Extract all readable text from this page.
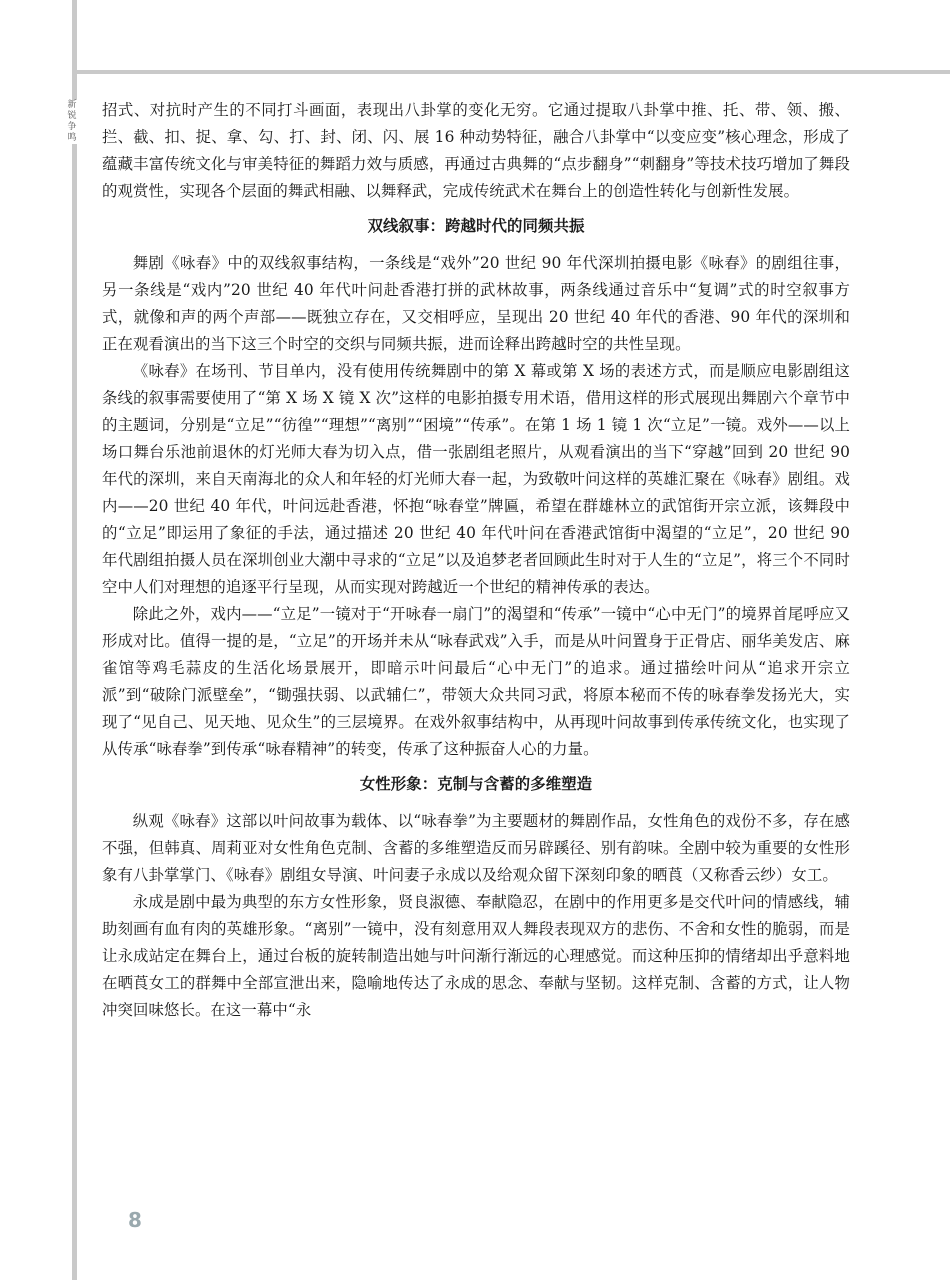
新锐争鸣

招式、对抗时产生的不同打斗画面，表现出八卦掌的变化无穷。它通过提取八卦掌中推、托、带、领、搬、拦、截、扣、捉、拿、勾、打、封、闭、闪、展 16 种动势特征，融合八卦掌中“以变应变”核心理念，形成了蕴藏丰富传统文化与审美特征的舞蹈力效与质感，再通过古典舞的“点步翻身”“刺翻身”等技术技巧增加了舞段的观赏性，实现各个层面的舞武相融、以舞释武，完成传统武术在舞台上的创造性转化与创新性发展。

双线叙事：跨越时代的同频共振

舞剧《咏春》中的双线叙事结构，一条线是“戏外”20 世纪 90 年代深圳拍摄电影《咏春》的剧组往事，另一条线是“戏内”20 世纪 40 年代叶问赴香港打拼的武林故事，两条线通过音乐中“复调”式的时空叙事方式，就像和声的两个声部——既独立存在，又交相呼应，呈现出 20 世纪 40 年代的香港、90 年代的深圳和正在观看演出的当下这三个时空的交织与同频共振，进而诠释出跨越时空的共性呈现。

《咏春》在场刊、节目单内，没有使用传统舞剧中的第 X 幕或第 X 场的表述方式，而是顺应电影剧组这条线的叙事需要使用了“第 X 场 X 镜 X 次”这样的电影拍摄专用术语，借用这样的形式展现出舞剧六个章节中的主题词，分别是“立足”“彷徨”“理想”“离别”“困境”“传承”。在第 1 场 1 镜 1 次“立足”一镜。戏外——以上场口舞台乐池前退休的灯光师大春为切入点，借一张剧组老照片，从观看演出的当下“穿越”回到 20 世纪 90 年代的深圳，来自天南海北的众人和年轻的灯光师大春一起，为致敬叶问这样的英雄汇聚在《咏春》剧组。戏内——20 世纪 40 年代，叶问远赴香港，怀抱“咏春堂”牌匾，希望在群雄林立的武馆街开宗立派，该舞段中的“立足”即运用了象征的手法，通过描述 20 世纪 40 年代叶问在香港武馆街中渴望的“立足”，20 世纪 90 年代剧组拍摄人员在深圳创业大潮中寻求的“立足”以及追梦老者回顾此生时对于人生的“立足”，将三个不同时空中人们对理想的追逐平行呈现，从而实现对跨越近一个世纪的精神传承的表达。

除此之外，戏内——“立足”一镜对于“开咏春一扇门”的渴望和“传承”一镜中“心中无门”的境界首尾呼应又形成对比。值得一提的是，“立足”的开场并未从“咏春武戏”入手，而是从叶问置身于正骨店、丽华美发店、麻雀馆等鸡毛蒜皮的生活化场景展开，即暗示叶问最后“心中无门”的追求。通过描绘叶问从“追求开宗立派”到“破除门派壁垒”，“锄强扶弱、以武辅仁”，带领大众共同习武，将原本秘而不传的咏春拳发扬光大，实现了“见自己、见天地、见众生”的三层境界。在戏外叙事结构中，从再现叶问故事到传承传统文化，也实现了从传承“咏春拳”到传承“咏春精神”的转变，传承了这种振奋人心的力量。

女性形象：克制与含蓄的多维塑造

纵观《咏春》这部以叶问故事为载体、以“咏春拳”为主要题材的舞剧作品，女性角色的戏份不多，存在感不强，但韩真、周莉亚对女性角色克制、含蓄的多维塑造反而另辟蹊径、别有韵味。全剧中较为重要的女性形象有八卦掌掌门、《咏春》剧组女导演、叶问妻子永成以及给观众留下深刻印象的晒莨（又称香云纱）女工。

永成是剧中最为典型的东方女性形象，贤良淑德、奉献隐忍，在剧中的作用更多是交代叶问的情感线，辅助刻画有血有肉的英雄形象。“离别”一镜中，没有刻意用双人舞段表现双方的悲伤、不舍和女性的脆弱，而是让永成站定在舞台上，通过台板的旋转制造出她与叶问渐行渐远的心理感觉。而这种压抑的情绪却出乎意料地在晒莨女工的群舞中全部宣泄出来，隐喻地传达了永成的思念、奉献与坚韧。这样克制、含蓄的方式，让人物冲突回味悠长。在这一幕中“永

8
